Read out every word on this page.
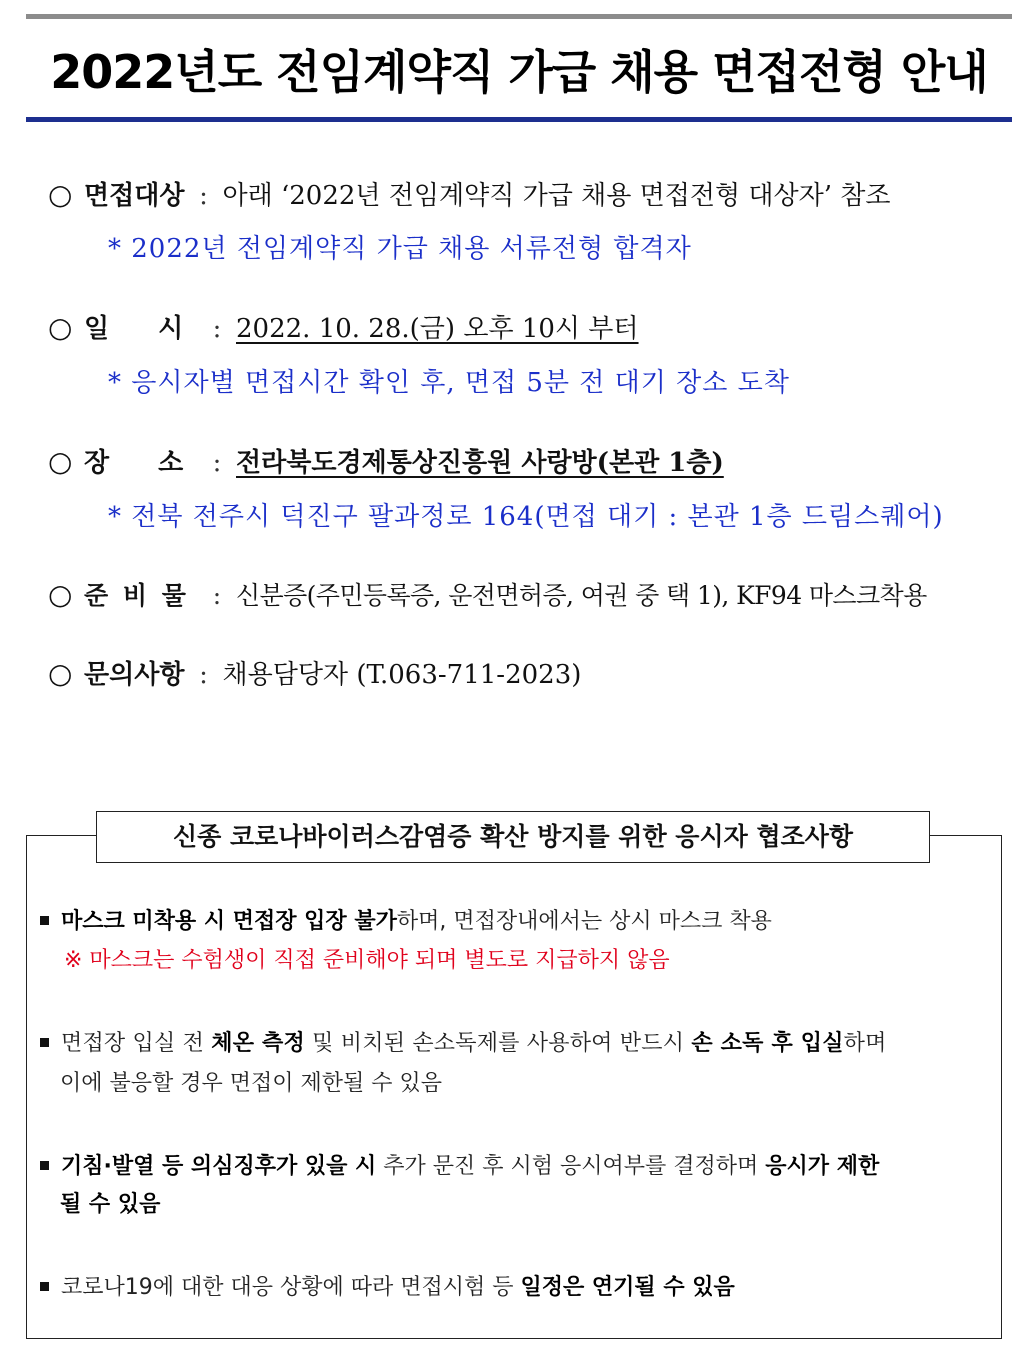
2022년도 전임계약직 가급 채용 면접전형 안내
○ 면접대상 : 아래 ‘2022년 전임계약직 가급 채용 면접전형 대상자’ 참조
* 2022년 전임계약직 가급 채용 서류전형 합격자
○ 일 시 : 2022. 10. 28.(금) 오후 10시 부터
* 응시자별 면접시간 확인 후, 면접 5분 전 대기 장소 도착
○ 장 소 : 전라북도경제통상진흥원 사랑방(본관 1층)
* 전북 전주시 덕진구 팔과정로 164(면접 대기 : 본관 1층 드림스퀘어)
○ 준 비 물 : 신분증(주민등록증, 운전면허증, 여권 중 택 1), KF94 마스크착용
○ 문의사항 : 채용담당자 (T.063-711-2023)
신종 코로나바이러스감염증 확산 방지를 위한 응시자 협조사항
마스크 미착용 시 면접장 입장 불가하며, 면접장내에서는 상시 마스크 착용
※ 마스크는 수험생이 직접 준비해야 되며 별도로 지급하지 않음
면접장 입실 전 체온 측정 및 비치된 손소독제를 사용하여 반드시 손 소독 후 입실하며
이에 불응할 경우 면접이 제한될 수 있음
기침·발열 등 의심징후가 있을 시 추가 문진 후 시험 응시여부를 결정하며 응시가 제한
될 수 있음
코로나19에 대한 대응 상황에 따라 면접시험 등 일정은 연기될 수 있음
